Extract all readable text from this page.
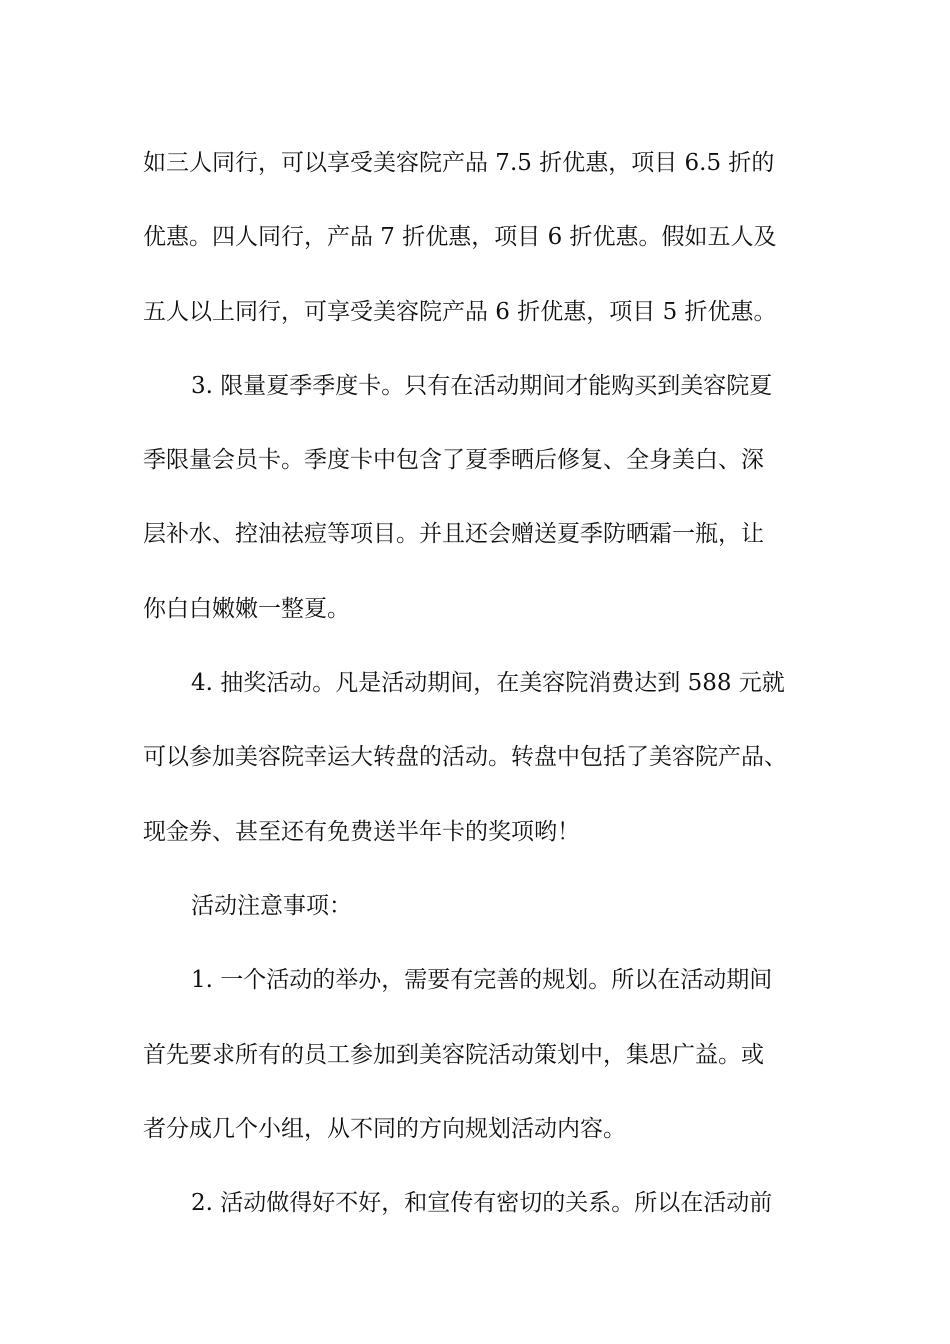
如三人同行，可以享受美容院产品 7.5 折优惠，项目 6.5 折的
优惠。四人同行，产品 7 折优惠，项目 6 折优惠。假如五人及
五人以上同行，可享受美容院产品 6 折优惠，项目 5 折优惠。
3. 限量夏季季度卡。只有在活动期间才能购买到美容院夏
季限量会员卡。季度卡中包含了夏季晒后修复、全身美白、深
层补水、控油祛痘等项目。并且还会赠送夏季防晒霜一瓶，让
你白白嫩嫩一整夏。
4. 抽奖活动。凡是活动期间，在美容院消费达到 588 元就
可以参加美容院幸运大转盘的活动。转盘中包括了美容院产品、
现金券、甚至还有免费送半年卡的奖项哟！
活动注意事项：
1. 一个活动的举办，需要有完善的规划。所以在活动期间
首先要求所有的员工参加到美容院活动策划中，集思广益。或
者分成几个小组，从不同的方向规划活动内容。
2. 活动做得好不好，和宣传有密切的关系。所以在活动前
